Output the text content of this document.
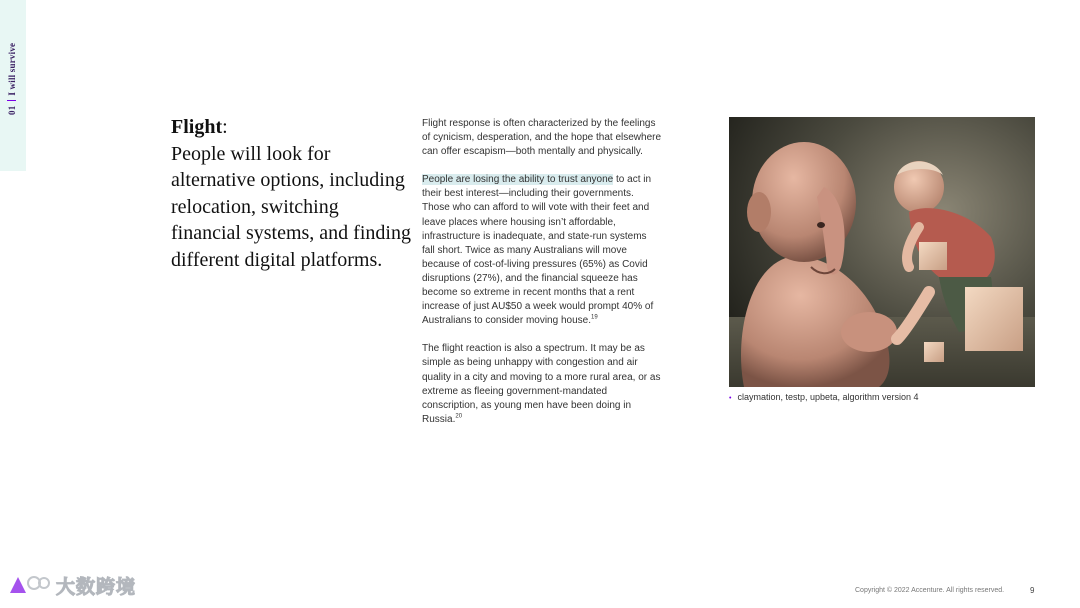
01I will survive
Flight:
People will look for alternative options, including relocation, switching financial systems, and finding different digital platforms.

Flight response is often characterized by the feelings of cynicism, desperation, and the hope that elsewhere can offer escapism—both mentally and physically.

People are losing the ability to trust anyone to act in their best interest—including their governments. Those who can afford to will vote with their feet and leave places where housing isn’t affordable, infrastructure is inadequate, and state-run systems fall short. Twice as many Australians will move because of cost-of-living pressures (65%) as Covid disruptions (27%), and the financial squeeze has become so extreme in recent months that a rent increase of just AU$50 a week would prompt 40% of Australians to consider moving house.$^{19}$

The flight reaction is also a spectrum. It may be as simple as being unhappy with congestion and air quality in a city and moving to a more rural area, or as extreme as fleeing government-mandated conscription, as young men have been doing in Russia.$^{20}$

• claymation, testp, upbeta, algorithm version 4
Copyright © 2022 Accenture. All rights reserved.	9
大数跨境
